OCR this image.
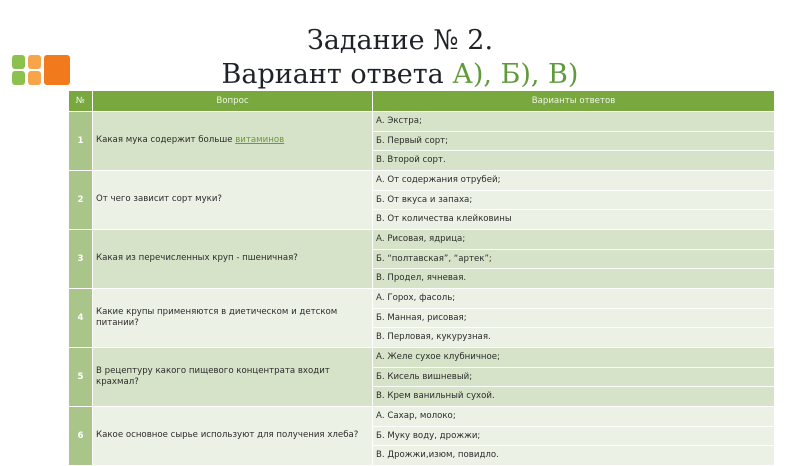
Задание № 2.
Вариант ответа А), Б), В)
№	Вопрос	Варианты ответов
1	Какая мука содержит больше витаминов	А. Экстра;
Б. Первый сорт;
В. Второй сорт.

2	От чего зависит сорт муки?	А. От содержания отрубей;
Б. От вкуса и запаха;
В. От количества клейковины

3	Какая из перечисленных круп - пшеничная?	А. Рисовая, ядрица;
Б. “полтавская”, “артек”;
В. Продел, ячневая.

4	Какие крупы применяются в диетическом и детском питании?	А. Горох, фасоль;
Б. Манная, рисовая;
В. Перловая, кукурузная.

5	В рецептуру какого пищевого концентрата входит крахмал?	А. Желе сухое клубничное;
Б. Кисель вишневый;
В. Крем ванильный сухой.

6	Какое основное сырье используют для получения хлеба?	А. Сахар, молоко;
Б. Муку воду, дрожжи;
В. Дрожжи,изюм, повидло.
